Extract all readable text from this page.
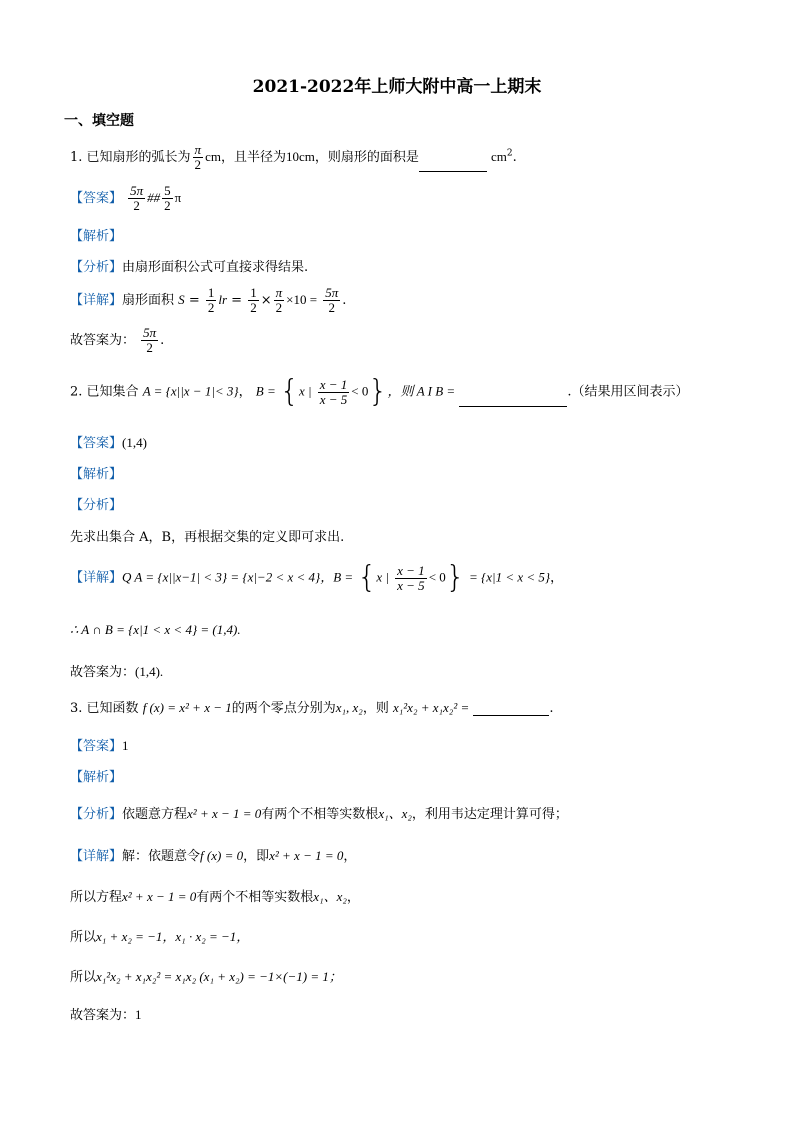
2021-2022年上师大附中高一上期末
一、填空题
1. 已知扇形的弧长为 $\frac{\pi}{2}$ cm，且半径为10cm，则扇形的面积是	$cm^2$.
【答案】 $\frac{5\pi}{2}$ ## $\frac{5}{2}$ π
【解析】
【分析】由扇形面积公式可直接求得结果.
【详解】扇形面积 $S = \frac{1}{2}$ lr = $\frac{1}{2} \times \frac{\pi}{2} \times 10 = \frac{5\pi}{2}$ .
故答案为： $\frac{5\pi}{2}$ .
2. 已知集合 A = {x||x − 1|< 3}， B = {x | $\frac{x - 1}{x - 5} < 0$}，则 A I B =	.（结果用区间表示）
【答案】(1,4)
【解析】
【分析】
先求出集合 A，B，再根据交集的定义即可求出.
【详解】Q A = {x||x−1| < 3} = {x|−2 < x < 4}，B = {x | $\frac{x - 1}{x - 5} < 0\} = \{x|1 < x < 5\}$，
∴ A ∩ B = {x|1 < x < 4} = (1,4).
故答案为：(1,4).
3. 已知函数 f (x) = x² + x − 1的两个零点分别为x₁, x₂，则 x₁²x₂ + x₁x₂² =	.
【答案】1
【解析】
【分析】依题意方程x² + x − 1 = 0有两个不相等实数根x₁、x₂，利用韦达定理计算可得；
【详解】解：依题意令f (x) = 0，即x² + x − 1 = 0，
所以方程x² + x − 1 = 0有两个不相等实数根x₁、x₂，
所以x₁ + x₂ = −1，x₁ · x₂ = −1，
所以x₁²x₂ + x₁x₂² = x₁x₂ (x₁ + x₂) = −1×(−1) = 1；
故答案为：1
